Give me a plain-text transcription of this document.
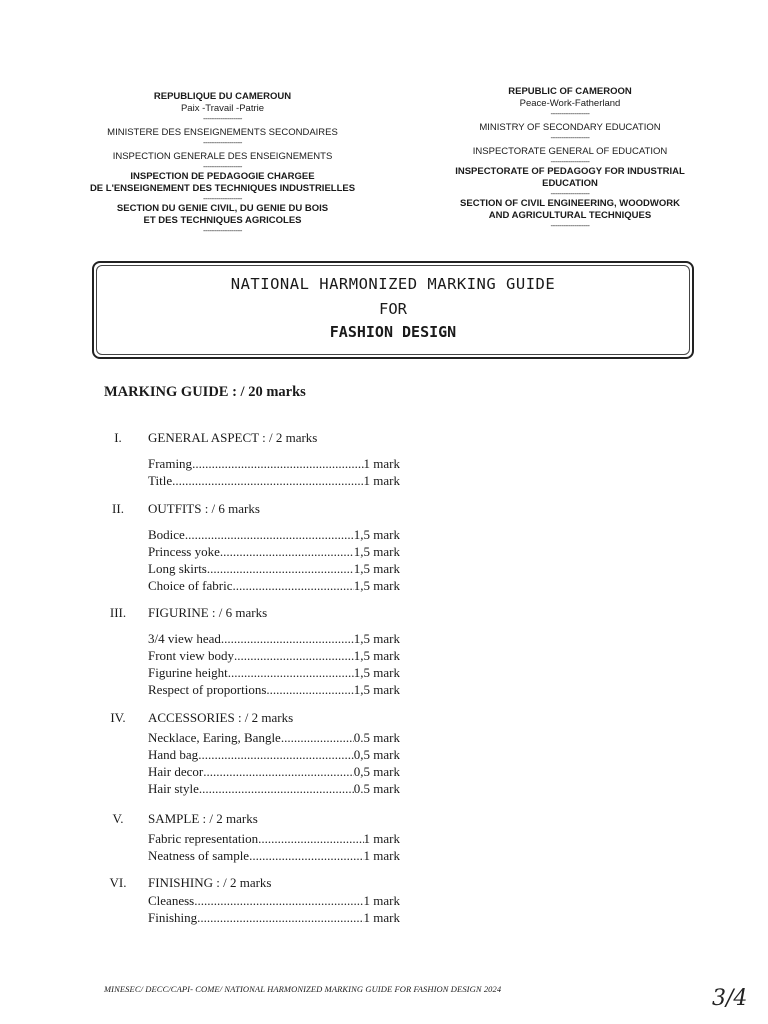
REPUBLIQUE DU CAMEROUN
Paix -Travail -Patrie
------------------
MINISTERE DES ENSEIGNEMENTS SECONDAIRES
------------------
INSPECTION GENERALE DES ENSEIGNEMENTS
------------------
INSPECTION DE PEDAGOGIE CHARGEE
DE L'ENSEIGNEMENT DES TECHNIQUES INDUSTRIELLES
------------------
SECTION DU GENIE CIVIL, DU GENIE DU BOIS
ET DES TECHNIQUES AGRICOLES
------------------
REPUBLIC OF CAMEROON
Peace-Work-Fatherland
------------------
MINISTRY OF SECONDARY EDUCATION
------------------
INSPECTORATE GENERAL OF EDUCATION
------------------
INSPECTORATE OF PEDAGOGY FOR INDUSTRIAL
EDUCATION
------------------
SECTION OF CIVIL ENGINEERING, WOODWORK
AND AGRICULTURAL TECHNIQUES
------------------
NATIONAL HARMONIZED MARKING GUIDE
FOR
FASHION DESIGN
MARKING GUIDE : / 20 marks
I.	GENERAL ASPECT : / 2 marks
Framing .....	1 mark
Title .....	1 mark
II.	OUTFITS : / 6 marks
Bodice .....	1,5 mark
Princess yoke .....	1,5 mark
Long skirts .....	1,5 mark
Choice of fabric .....	1,5 mark
III. FIGURINE : / 6 marks
3/4 view head .....	1,5 mark
Front view body .....	1,5 mark
Figurine height .....	1,5 mark
Respect of proportions .....	1,5 mark
IV.	ACCESSORIES : / 2 marks
Necklace, Earing, Bangle .....	0.5 mark
Hand bag .....	0,5 mark
Hair decor .....	0,5 mark
Hair style .....	0.5 mark
V.	SAMPLE : / 2 marks
Fabric representation .....	1 mark
Neatness of sample .....	1 mark
VI. FINISHING : / 2 marks
Cleaness .....	1 mark
Finishing .....	1 mark
MINESEC/ DECC/CAPI- COME/ NATIONAL HARMONIZED MARKING GUIDE FOR FASHION DESIGN 2024	3/4
